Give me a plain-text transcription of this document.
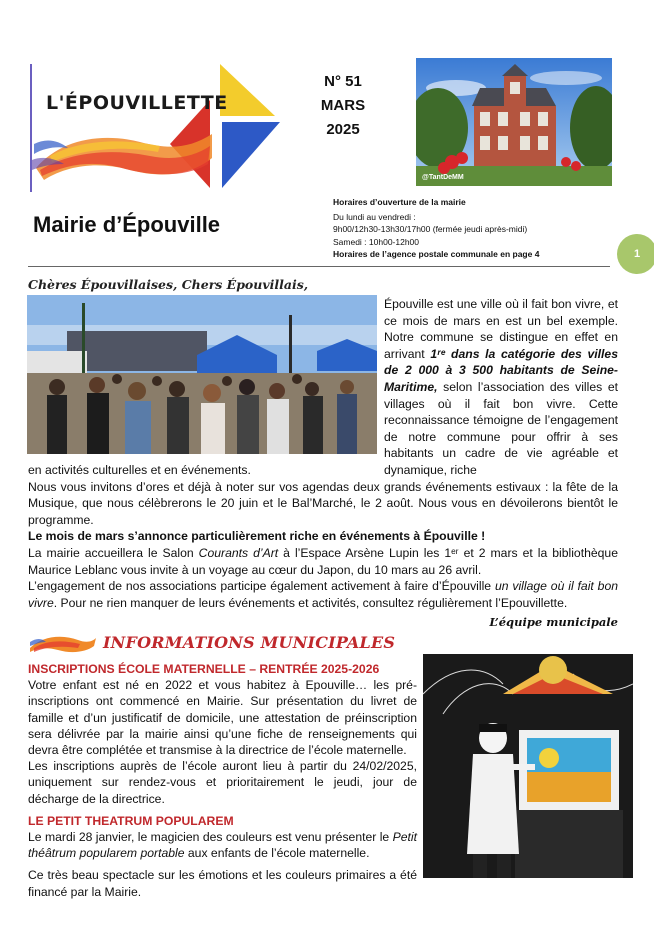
L'ÉPOUVILLETTE
N° 51
MARS
2025
Mairie d’Épouville
@TantDeMM
Horaires d’ouverture de la mairie
Du lundi au vendredi :
9h00/12h30-13h30/17h00 (fermée jeudi après-midi)
Samedi : 10h00-12h00
Horaires de l’agence postale communale en page 4	1
Chères Épouvillaises, Chers Épouvillais,
Épouville est une ville où il fait bon vivre, et ce mois de mars en est un bel exemple. Notre commune se distingue en effet en arrivant 1ʳᵉ dans la catégorie des villes de 2 000 à 3 500 habitants de Seine-Maritime, selon l’association des villes et villages où il fait bon vivre. Cette reconnaissance témoigne de l’engagement de notre commune pour offrir à ses habitants un cadre de vie agréable et dynamique, riche

en activités culturelles et en événements.

Nous vous invitons d’ores et déjà à noter sur vos agendas deux grands événements estivaux : la fête de la Musique, que nous célèbrerons le 20 juin et le Bal’Marché, le 2 août. Nous vous en dévoilerons bientôt le programme.

Le mois de mars s’annonce particulièrement riche en événements à Épouville !

La mairie accueillera le Salon Courants d’Art à l’Espace Arsène Lupin les 1ᵉʳ et 2 mars et la bibliothèque Maurice Leblanc vous invite à un voyage au cœur du Japon, du 10 mars au 26 avril.

L’engagement de nos associations participe également activement à faire d’Épouville un village où il fait bon vivre. Pour ne rien manquer de leurs événements et activités, consultez régulièrement l’Epouvillette.

L’équipe municipale

INFORMATIONS MUNICIPALES
INSCRIPTIONS ÉCOLE MATERNELLE – RENTRÉE 2025-2026

Votre enfant est né en 2022 et vous habitez à Epouville… les pré-inscriptions ont commencé en Mairie. Sur présentation du livret de famille et d’un justificatif de domicile, une attestation de préinscription sera délivrée par la mairie ainsi qu’une fiche de renseignements qui devra être complétée et transmise à la directrice de l’école maternelle.

Les inscriptions auprès de l’école auront lieu à partir du 24/02/2025, uniquement sur rendez-vous et prioritairement le jeudi, jour de décharge de la directrice.

LE PETIT THEATRUM POPULAREM

Le mardi 28 janvier, le magicien des couleurs est venu présenter le Petit théâtrum popularem portable aux enfants de l’école maternelle.

Ce très beau spectacle sur les émotions et les couleurs primaires a été financé par la Mairie.
